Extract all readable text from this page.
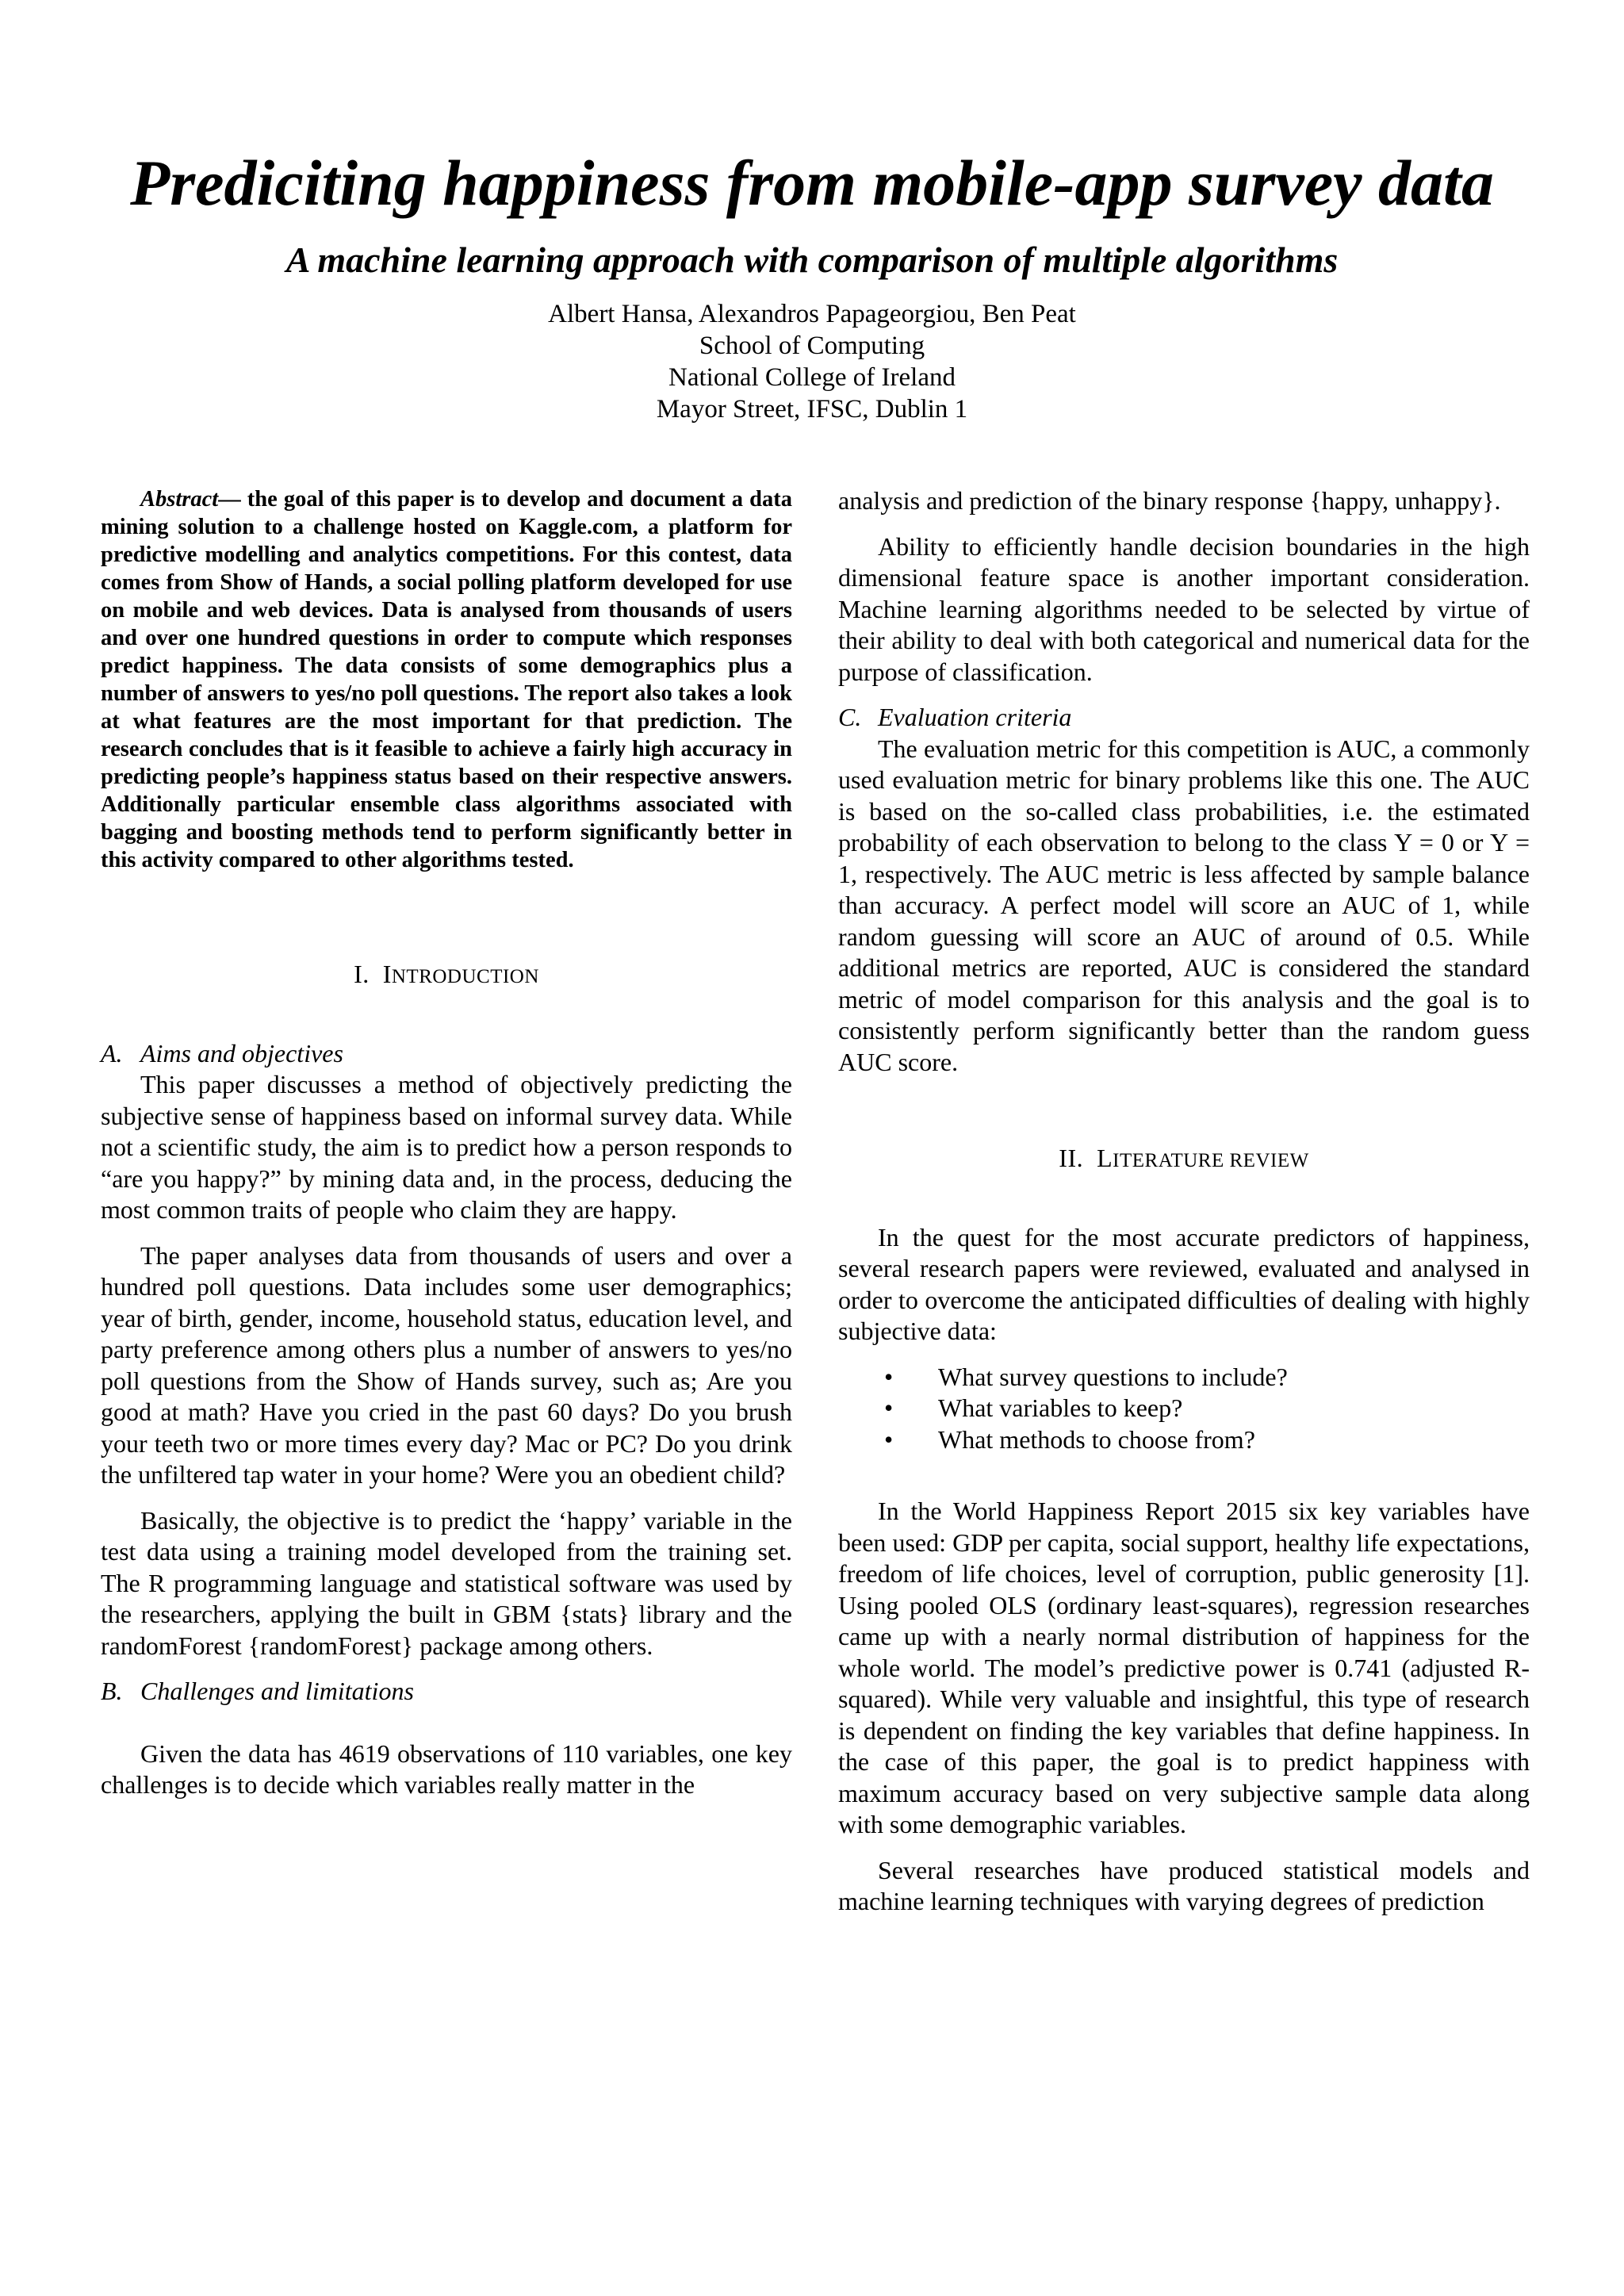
Prediciting happiness from mobile-app survey data
A machine learning approach with comparison of multiple algorithms
Albert Hansa, Alexandros Papageorgiou, Ben Peat
School of Computing
National College of Ireland
Mayor Street, IFSC, Dublin 1

Abstract— the goal of this paper is to develop and document a data mining solution to a challenge hosted on Kaggle.com, a platform for predictive modelling and analytics competitions. For this contest, data comes from Show of Hands, a social polling platform developed for use on mobile and web devices. Data is analysed from thousands of users and over one hundred questions in order to compute which responses predict happiness. The data consists of some demographics plus a number of answers to yes/no poll questions. The report also takes a look at what features are the most important for that prediction. The research concludes that is it feasible to achieve a fairly high accuracy in predicting people’s happiness status based on their respective answers. Additionally particular ensemble class algorithms associated with bagging and boosting methods tend to perform significantly better in this activity compared to other algorithms tested.

I. INTRODUCTION
A. Aims and objectives

This paper discusses a method of objectively predicting the subjective sense of happiness based on informal survey data. While not a scientific study, the aim is to predict how a person responds to “are you happy?” by mining data and, in the process, deducing the most common traits of people who claim they are happy.

The paper analyses data from thousands of users and over a hundred poll questions. Data includes some user demographics; year of birth, gender, income, household status, education level, and party preference among others plus a number of answers to yes/no poll questions from the Show of Hands survey, such as; Are you good at math? Have you cried in the past 60 days? Do you brush your teeth two or more times every day? Mac or PC? Do you drink the unfiltered tap water in your home? Were you an obedient child?

Basically, the objective is to predict the ‘happy’ variable in the test data using a training model developed from the training set. The R programming language and statistical software was used by the researchers, applying the built in GBM {stats} library and the randomForest {randomForest} package among others.

B. Challenges and limitations

Given the data has 4619 observations of 110 variables, one key challenges is to decide which variables really matter in the

analysis and prediction of the binary response {happy, unhappy}.

Ability to efficiently handle decision boundaries in the high dimensional feature space is another important consideration. Machine learning algorithms needed to be selected by virtue of their ability to deal with both categorical and numerical data for the purpose of classification.

C. Evaluation criteria

The evaluation metric for this competition is AUC, a commonly used evaluation metric for binary problems like this one. The AUC is based on the so-called class probabilities, i.e. the estimated probability of each observation to belong to the class Y = 0 or Y = 1, respectively. The AUC metric is less affected by sample balance than accuracy. A perfect model will score an AUC of 1, while random guessing will score an AUC of around of 0.5. While additional metrics are reported, AUC is considered the standard metric of model comparison for this analysis and the goal is to consistently perform significantly better than the random guess AUC score.

II. LITERATURE REVIEW

In the quest for the most accurate predictors of happiness, several research papers were reviewed, evaluated and analysed in order to overcome the anticipated difficulties of dealing with highly subjective data:

• What survey questions to include?
• What variables to keep?
• What methods to choose from?

In the World Happiness Report 2015 six key variables have been used: GDP per capita, social support, healthy life expectations, freedom of life choices, level of corruption, public generosity [1]. Using pooled OLS (ordinary least-squares), regression researches came up with a nearly normal distribution of happiness for the whole world. The model’s predictive power is 0.741 (adjusted R-squared). While very valuable and insightful, this type of research is dependent on finding the key variables that define happiness. In the case of this paper, the goal is to predict happiness with maximum accuracy based on very subjective sample data along with some demographic variables.

Several researches have produced statistical models and machine learning techniques with varying degrees of prediction
